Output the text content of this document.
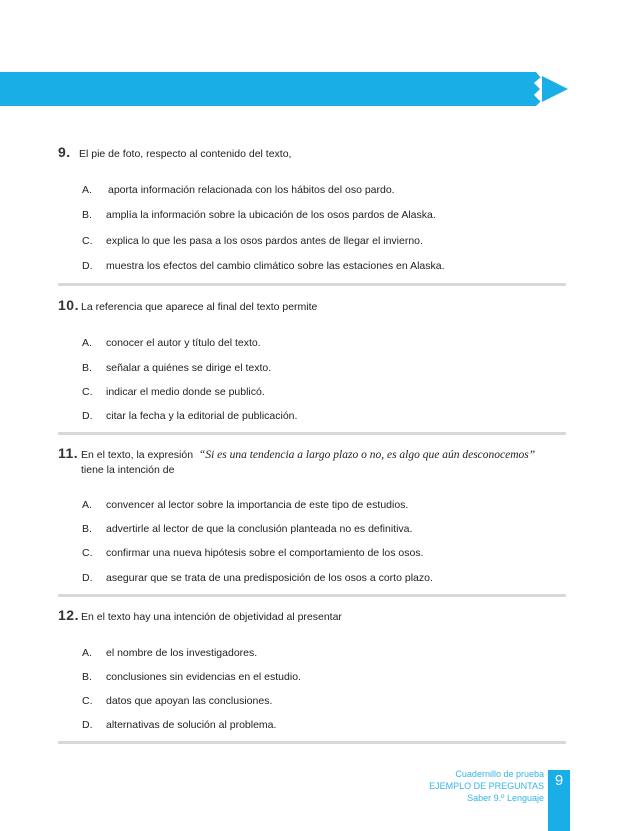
9. El pie de foto, respecto al contenido del texto,
A. aporta información relacionada con los hábitos del oso pardo.
B. amplía la información sobre la ubicación de los osos pardos de Alaska.
C. explica lo que les pasa a los osos pardos antes de llegar el invierno.
D. muestra los efectos del cambio climático sobre las estaciones en Alaska.
10. La referencia que aparece al final del texto permite
A. conocer el autor y título del texto.
B. señalar a quiénes se dirige el texto.
C. indicar el medio donde se publicó.
D. citar la fecha y la editorial de publicación.
11. En el texto, la expresión “Si es una tendencia a largo plazo o no, es algo que aún desconocemos” tiene la intención de
A. convencer al lector sobre la importancia de este tipo de estudios.
B. advertirle al lector de que la conclusión planteada no es definitiva.
C. confirmar una nueva hipótesis sobre el comportamiento de los osos.
D. asegurar que se trata de una predisposición de los osos a corto plazo.
12. En el texto hay una intención de objetividad al presentar
A. el nombre de los investigadores.
B. conclusiones sin evidencias en el estudio.
C. datos que apoyan las conclusiones.
D. alternativas de solución al problema.
Cuadernillo de prueba
EJEMPLO DE PREGUNTAS
Saber 9.º Lenguaje
9
